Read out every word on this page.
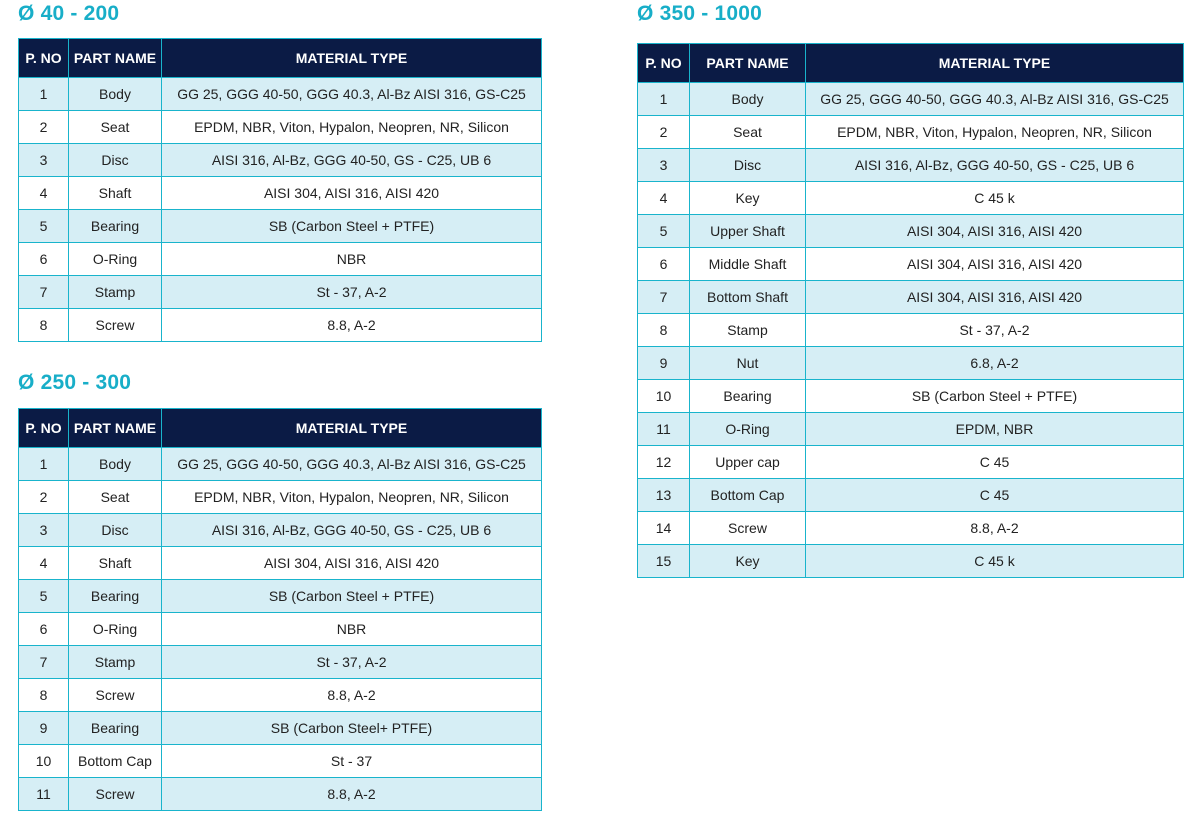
Ø 40 - 200
P. NO	PART NAME	MATERIAL TYPE
1	Body	GG 25, GGG 40-50, GGG 40.3, Al-Bz AISI 316, GS-C25
2	Seat	EPDM, NBR, Viton, Hypalon, Neopren, NR, Silicon
3	Disc	AISI 316, Al-Bz, GGG 40-50, GS - C25, UB 6
4	Shaft	AISI 304, AISI 316, AISI 420
5	Bearing	SB (Carbon Steel + PTFE)
6	O-Ring	NBR
7	Stamp	St - 37, A-2
8	Screw	8.8, A-2
Ø 250 - 300
P. NO	PART NAME	MATERIAL TYPE
1	Body	GG 25, GGG 40-50, GGG 40.3, Al-Bz AISI 316, GS-C25
2	Seat	EPDM, NBR, Viton, Hypalon, Neopren, NR, Silicon
3	Disc	AISI 316, Al-Bz, GGG 40-50, GS - C25, UB 6
4	Shaft	AISI 304, AISI 316, AISI 420
5	Bearing	SB (Carbon Steel + PTFE)
6	O-Ring	NBR
7	Stamp	St - 37, A-2
8	Screw	8.8, A-2
9	Bearing	SB (Carbon Steel+ PTFE)
10	Bottom Cap	St - 37
11	Screw	8.8, A-2
Ø 350 - 1000
P. NO	PART NAME	MATERIAL TYPE
1	Body	GG 25, GGG 40-50, GGG 40.3, Al-Bz AISI 316, GS-C25
2	Seat	EPDM, NBR, Viton, Hypalon, Neopren, NR, Silicon
3	Disc	AISI 316, Al-Bz, GGG 40-50, GS - C25, UB 6
4	Key	C 45 k
5	Upper Shaft	AISI 304, AISI 316, AISI 420
6	Middle Shaft	AISI 304, AISI 316, AISI 420
7	Bottom Shaft	AISI 304, AISI 316, AISI 420
8	Stamp	St - 37, A-2
9	Nut	6.8, A-2
10	Bearing	SB (Carbon Steel + PTFE)
11	O-Ring	EPDM, NBR
12	Upper cap	C 45
13	Bottom Cap	C 45
14	Screw	8.8, A-2
15	Key	C 45 k
